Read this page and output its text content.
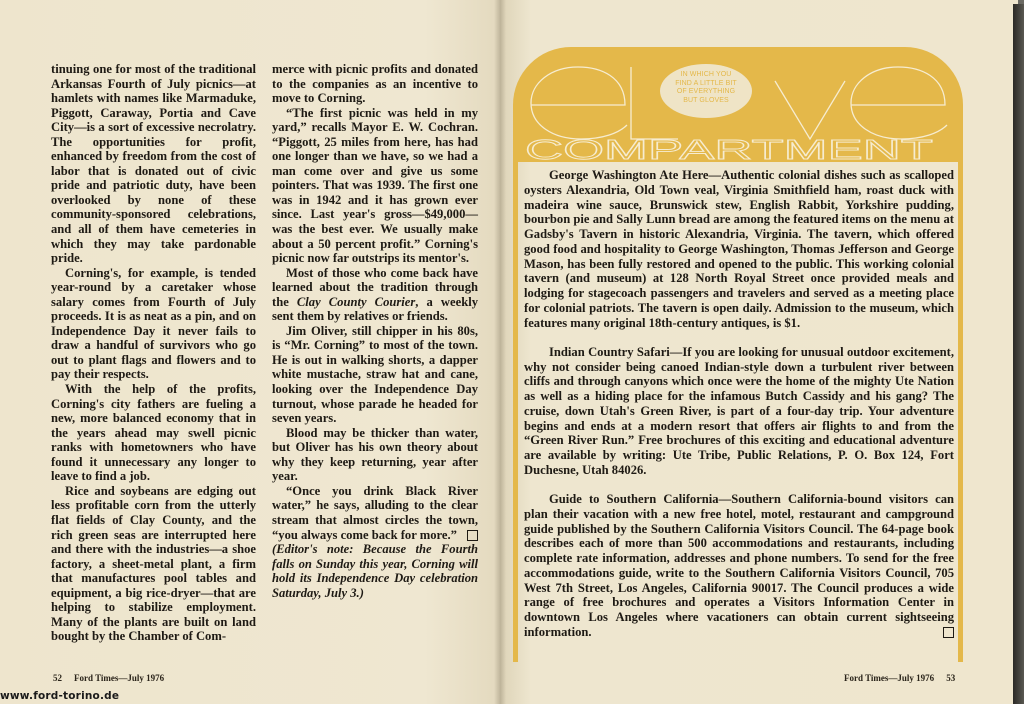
tinuing one for most of the traditional Arkansas Fourth of July picnics—at hamlets with names like Marmaduke, Piggott, Caraway, Portia and Cave City—is a sort of excessive necrolatry. The opportunities for profit, enhanced by freedom from the cost of labor that is donated out of civic pride and patriotic duty, have been overlooked by none of these community-sponsored celebrations, and all of them have cemeteries in which they may take pardonable pride.

Corning's, for example, is tended year-round by a caretaker whose salary comes from Fourth of July proceeds. It is as neat as a pin, and on Independence Day it never fails to draw a handful of survivors who go out to plant flags and flowers and to pay their respects.

With the help of the profits, Corning's city fathers are fueling a new, more balanced economy that in the years ahead may swell picnic ranks with hometowners who have found it unnecessary any longer to leave to find a job.

Rice and soybeans are edging out less profitable corn from the utterly flat fields of Clay County, and the rich green seas are interrupted here and there with the industries—a shoe factory, a sheet-metal plant, a firm that manufactures pool tables and equipment, a big rice-dryer—that are helping to stabilize employment. Many of the plants are built on land bought by the Chamber of Com-

merce with picnic profits and donated to the companies as an incentive to move to Corning.

“The first picnic was held in my yard,” recalls Mayor E. W. Cochran. “Piggott, 25 miles from here, has had one longer than we have, so we had a man come over and give us some pointers. That was 1939. The first one was in 1942 and it has grown ever since. Last year's gross—$49,000—was the best ever. We usually make about a 50 percent profit.” Corning's picnic now far outstrips its mentor's.

Most of those who come back have learned about the tradition through the Clay County Courier, a weekly sent them by relatives or friends.

Jim Oliver, still chipper in his 80s, is “Mr. Corning” to most of the town. He is out in walking shorts, a dapper white mustache, straw hat and cane, looking over the Independence Day turnout, whose parade he headed for seven years.

Blood may be thicker than water, but Oliver has his own theory about why they keep returning, year after year.

“Once you drink Black River water,” he says, alluding to the clear stream that almost circles the town, “you always come back for more.”

(Editor's note: Because the Fourth falls on Sunday this year, Corning will hold its Independence Day celebration Saturday, July 3.)

52 Ford Times—July 1976
www.ford-torino.de
COMPARTMENT
IN WHICH YOU
FIND A LITTLE BIT
OF EVERYTHING
BUT GLOVES

George Washington Ate Here—Authentic colonial dishes such as scalloped oysters Alexandria, Old Town veal, Virginia Smithfield ham, roast duck with madeira wine sauce, Brunswick stew, English Rabbit, Yorkshire pudding, bourbon pie and Sally Lunn bread are among the featured items on the menu at Gadsby's Tavern in historic Alexandria, Virginia. The tavern, which offered good food and hospitality to George Washington, Thomas Jefferson and George Mason, has been fully restored and opened to the public. This working colonial tavern (and museum) at 128 North Royal Street once provided meals and lodging for stagecoach passengers and travelers and served as a meeting place for colonial patriots. The tavern is open daily. Admission to the museum, which features many original 18th-century antiques, is $1.

Indian Country Safari—If you are looking for unusual outdoor excitement, why not consider being canoed Indian-style down a turbulent river between cliffs and through canyons which once were the home of the mighty Ute Nation as well as a hiding place for the infamous Butch Cassidy and his gang? The cruise, down Utah's Green River, is part of a four-day trip. Your adventure begins and ends at a modern resort that offers air flights to and from the “Green River Run.” Free brochures of this exciting and educational adventure are available by writing: Ute Tribe, Public Relations, P. O. Box 124, Fort Duchesne, Utah 84026.

Guide to Southern California—Southern California-bound visitors can plan their vacation with a new free hotel, motel, restaurant and campground guide published by the Southern California Visitors Council. The 64-page book describes each of more than 500 accommodations and restaurants, including complete rate information, addresses and phone numbers. To send for the free accommodations guide, write to the Southern California Visitors Council, 705 West 7th Street, Los Angeles, California 90017. The Council produces a wide range of free brochures and operates a Visitors Information Center in downtown Los Angeles where vacationers can obtain current sightseeing information.

Ford Times—July 1976 53
